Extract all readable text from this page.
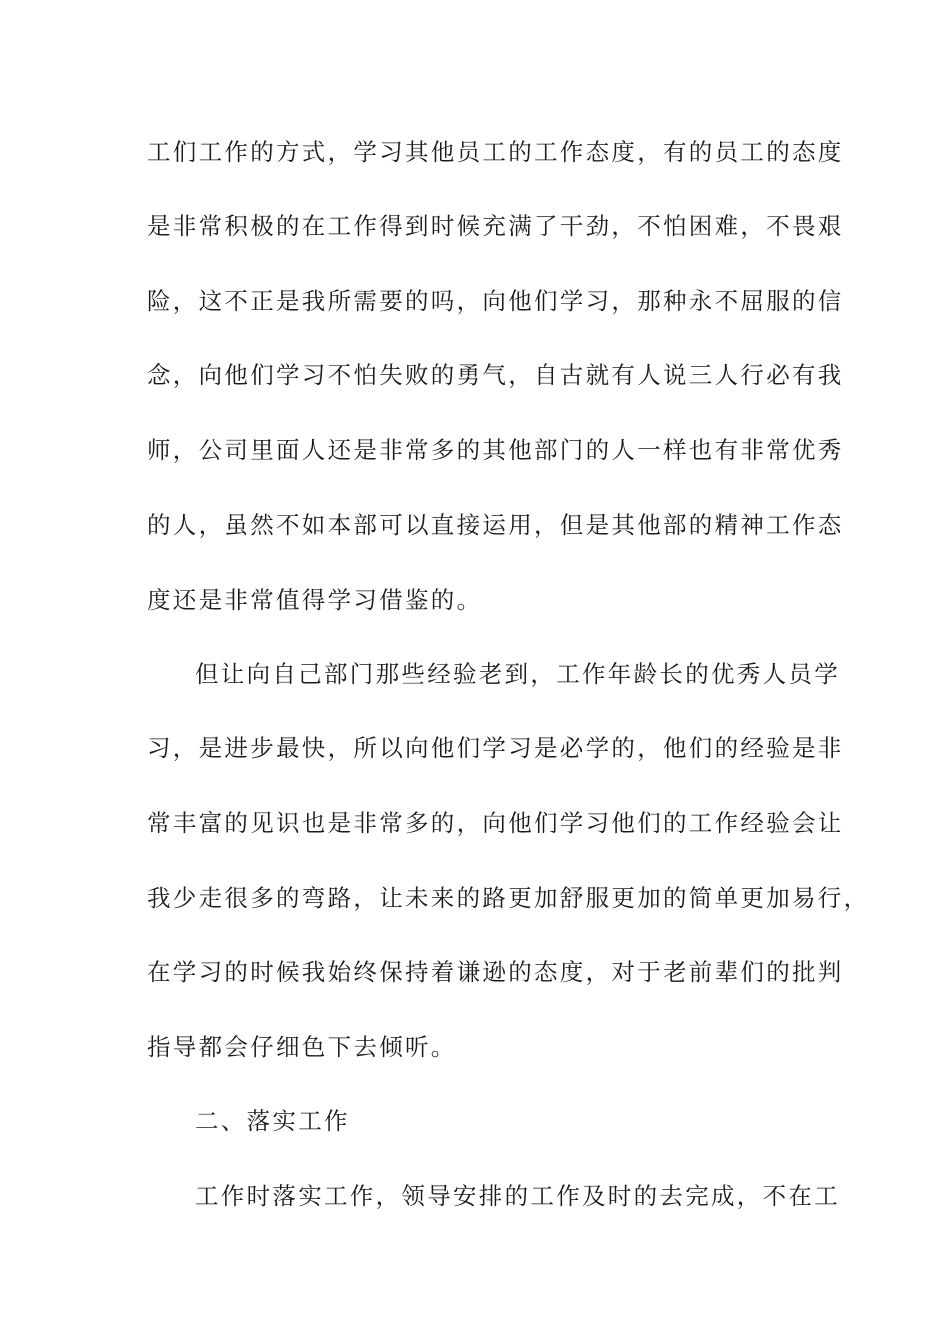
工们工作的方式，学习其他员工的工作态度，有的员工的态度
是非常积极的在工作得到时候充满了干劲，不怕困难，不畏艰
险，这不正是我所需要的吗，向他们学习，那种永不屈服的信
念，向他们学习不怕失败的勇气，自古就有人说三人行必有我
师，公司里面人还是非常多的其他部门的人一样也有非常优秀
的人，虽然不如本部可以直接运用，但是其他部的精神工作态
度还是非常值得学习借鉴的。
但让向自己部门那些经验老到，工作年龄长的优秀人员学
习，是进步最快，所以向他们学习是必学的，他们的经验是非
常丰富的见识也是非常多的，向他们学习他们的工作经验会让
我少走很多的弯路，让未来的路更加舒服更加的简单更加易行，
在学习的时候我始终保持着谦逊的态度，对于老前辈们的批判
指导都会仔细色下去倾听。
二、落实工作
工作时落实工作，领导安排的工作及时的去完成，不在工
